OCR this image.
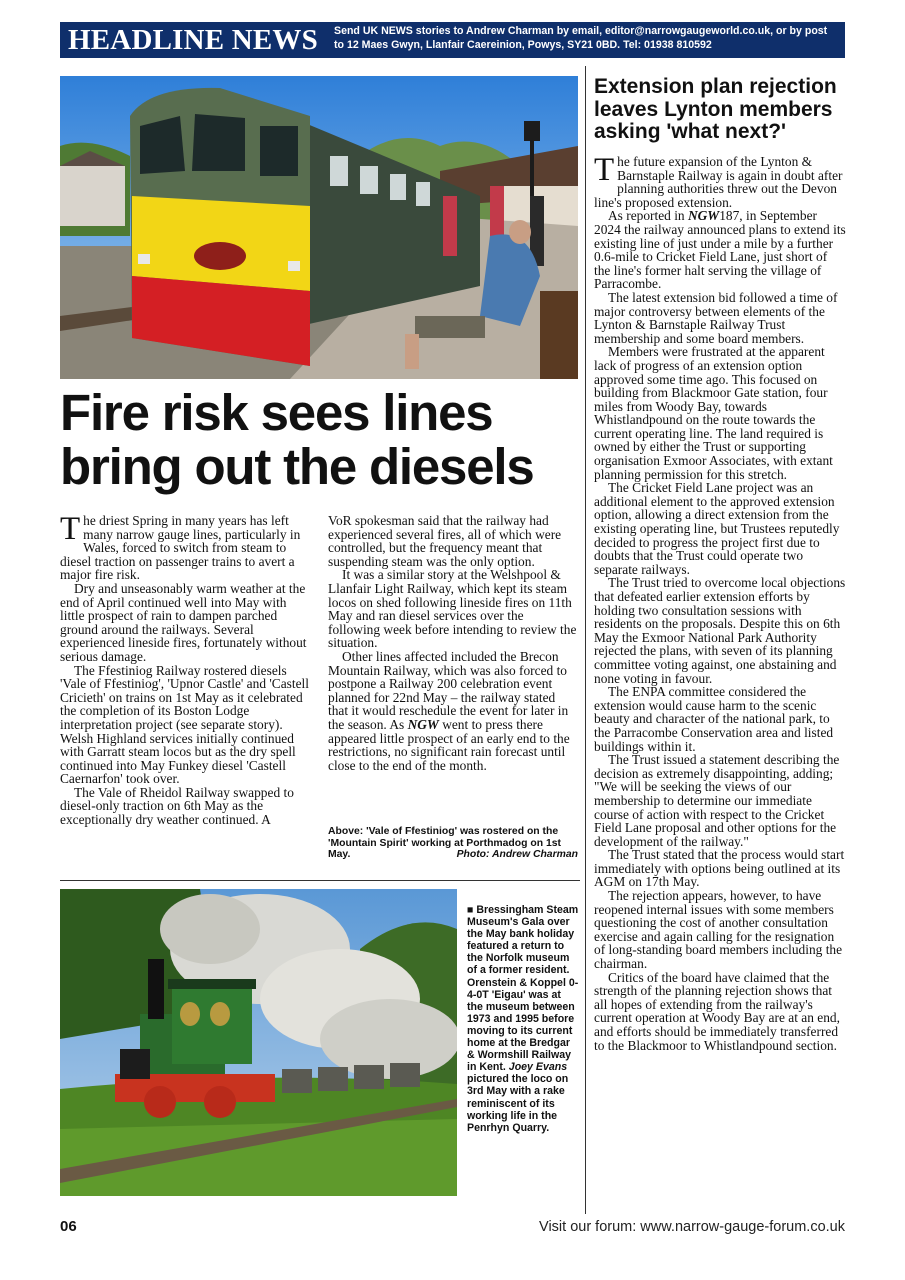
HEADLINE NEWS Send UK NEWS stories to Andrew Charman by email, editor@narrowgaugeworld.co.uk, or by post to 12 Maes Gwyn, Llanfair Caereinion, Powys, SY21 0BD. Tel: 01938 810592
Fire risk sees lines bring out the diesels

The driest Spring in many years has left many narrow gauge lines, particularly in Wales, forced to switch from steam to diesel traction on passenger trains to avert a major fire risk.

Dry and unseasonably warm weather at the end of April continued well into May with little prospect of rain to dampen parched ground around the railways. Several experienced lineside fires, fortunately without serious damage.

The Ffestiniog Railway rostered diesels 'Vale of Ffestiniog', 'Upnor Castle' and 'Castell Cricieth' on trains on 1st May as it celebrated the completion of its Boston Lodge interpretation project (see separate story). Welsh Highland services initially continued with Garratt steam locos but as the dry spell continued into May Funkey diesel 'Castell Caernarfon' took over.

The Vale of Rheidol Railway swapped to diesel-only traction on 6th May as the exceptionally dry weather continued. A

VoR spokesman said that the railway had experienced several fires, all of which were controlled, but the frequency meant that suspending steam was the only option.

It was a similar story at the Welshpool & Llanfair Light Railway, which kept its steam locos on shed following lineside fires on 11th May and ran diesel services over the following week before intending to review the situation.

Other lines affected included the Brecon Mountain Railway, which was also forced to postpone a Railway 200 celebration event planned for 22nd May – the railway stated that it would reschedule the event for later in the season. As NGW went to press there appeared little prospect of an early end to the restrictions, no significant rain forecast until close to the end of the month.

Above: 'Vale of Ffestiniog' was rostered on the 'Mountain Spirit' working at Porthmadog on 1st May.	Photo: Andrew Charman
■ Bressingham Steam Museum's Gala over the May bank holiday featured a return to the Norfolk museum of a former resident. Orenstein & Koppel 0-4-0T 'Eigau' was at the museum between 1973 and 1995 before moving to its current home at the Bredgar & Wormshill Railway in Kent. Joey Evans pictured the loco on 3rd May with a rake reminiscent of its working life in the Penrhyn Quarry.
Extension plan rejection leaves Lynton members asking 'what next?'

The future expansion of the Lynton & Barnstaple Railway is again in doubt after planning authorities threw out the Devon line's proposed extension.

As reported in NGW187, in September 2024 the railway announced plans to extend its existing line of just under a mile by a further 0.6-mile to Cricket Field Lane, just short of the line's former halt serving the village of Parracombe.

The latest extension bid followed a time of major controversy between elements of the Lynton & Barnstaple Railway Trust membership and some board members.

Members were frustrated at the apparent lack of progress of an extension option approved some time ago. This focused on building from Blackmoor Gate station, four miles from Woody Bay, towards Whistlandpound on the route towards the current operating line. The land required is owned by either the Trust or supporting organisation Exmoor Associates, with extant planning permission for this stretch.

The Cricket Field Lane project was an additional element to the approved extension option, allowing a direct extension from the existing operating line, but Trustees reputedly decided to progress the project first due to doubts that the Trust could operate two separate railways.

The Trust tried to overcome local objections that defeated earlier extension efforts by holding two consultation sessions with residents on the proposals. Despite this on 6th May the Exmoor National Park Authority rejected the plans, with seven of its planning committee voting against, one abstaining and none voting in favour.

The ENPA committee considered the extension would cause harm to the scenic beauty and character of the national park, to the Parracombe Conservation area and listed buildings within it.

The Trust issued a statement describing the decision as extremely disappointing, adding; "We will be seeking the views of our membership to determine our immediate course of action with respect to the Cricket Field Lane proposal and other options for the development of the railway."

The Trust stated that the process would start immediately with options being outlined at its AGM on 17th May.

The rejection appears, however, to have reopened internal issues with some members questioning the cost of another consultation exercise and again calling for the resignation of long-standing board members including the chairman.

Critics of the board have claimed that the strength of the planning rejection shows that all hopes of extending from the railway's current operation at Woody Bay are at an end, and efforts should be immediately transferred to the Blackmoor to Whistlandpound section.

06	Visit our forum: www.narrow-gauge-forum.co.uk
